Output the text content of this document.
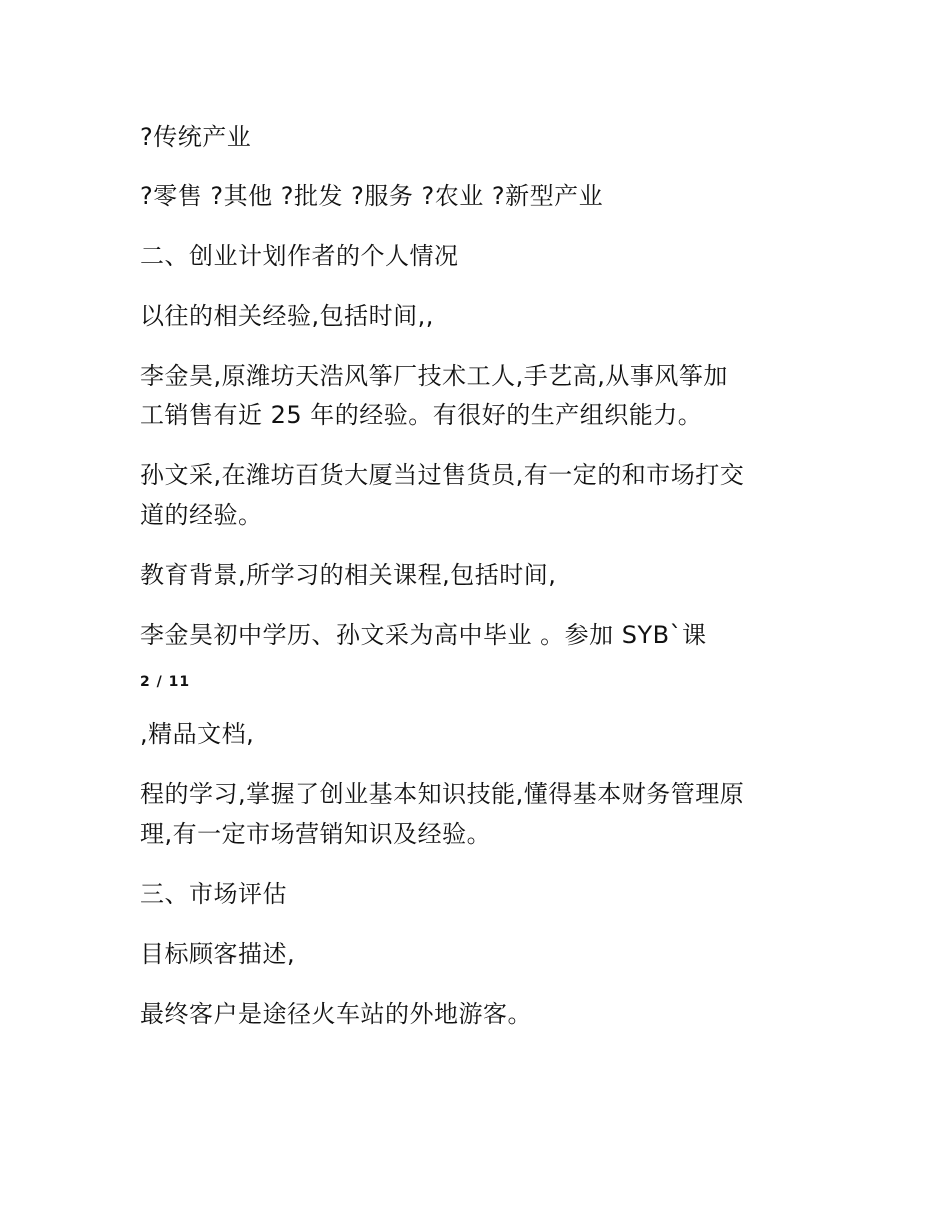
?传统产业
?零售 ?其他 ?批发 ?服务 ?农业 ?新型产业
二、创业计划作者的个人情况
以往的相关经验,包括时间,,
李金昊,原潍坊天浩风筝厂技术工人,手艺高,从事风筝加
工销售有近 25 年的经验。有很好的生产组织能力。
孙文采,在潍坊百货大厦当过售货员,有一定的和市场打交
道的经验。
教育背景,所学习的相关课程,包括时间,
李金昊初中学历、孙文采为高中毕业 。参加 SYB`课
2 / 11
,精品文档,
程的学习,掌握了创业基本知识技能,懂得基本财务管理原
理,有一定市场营销知识及经验。
三、市场评估
目标顾客描述,
最终客户是途径火车站的外地游客。
